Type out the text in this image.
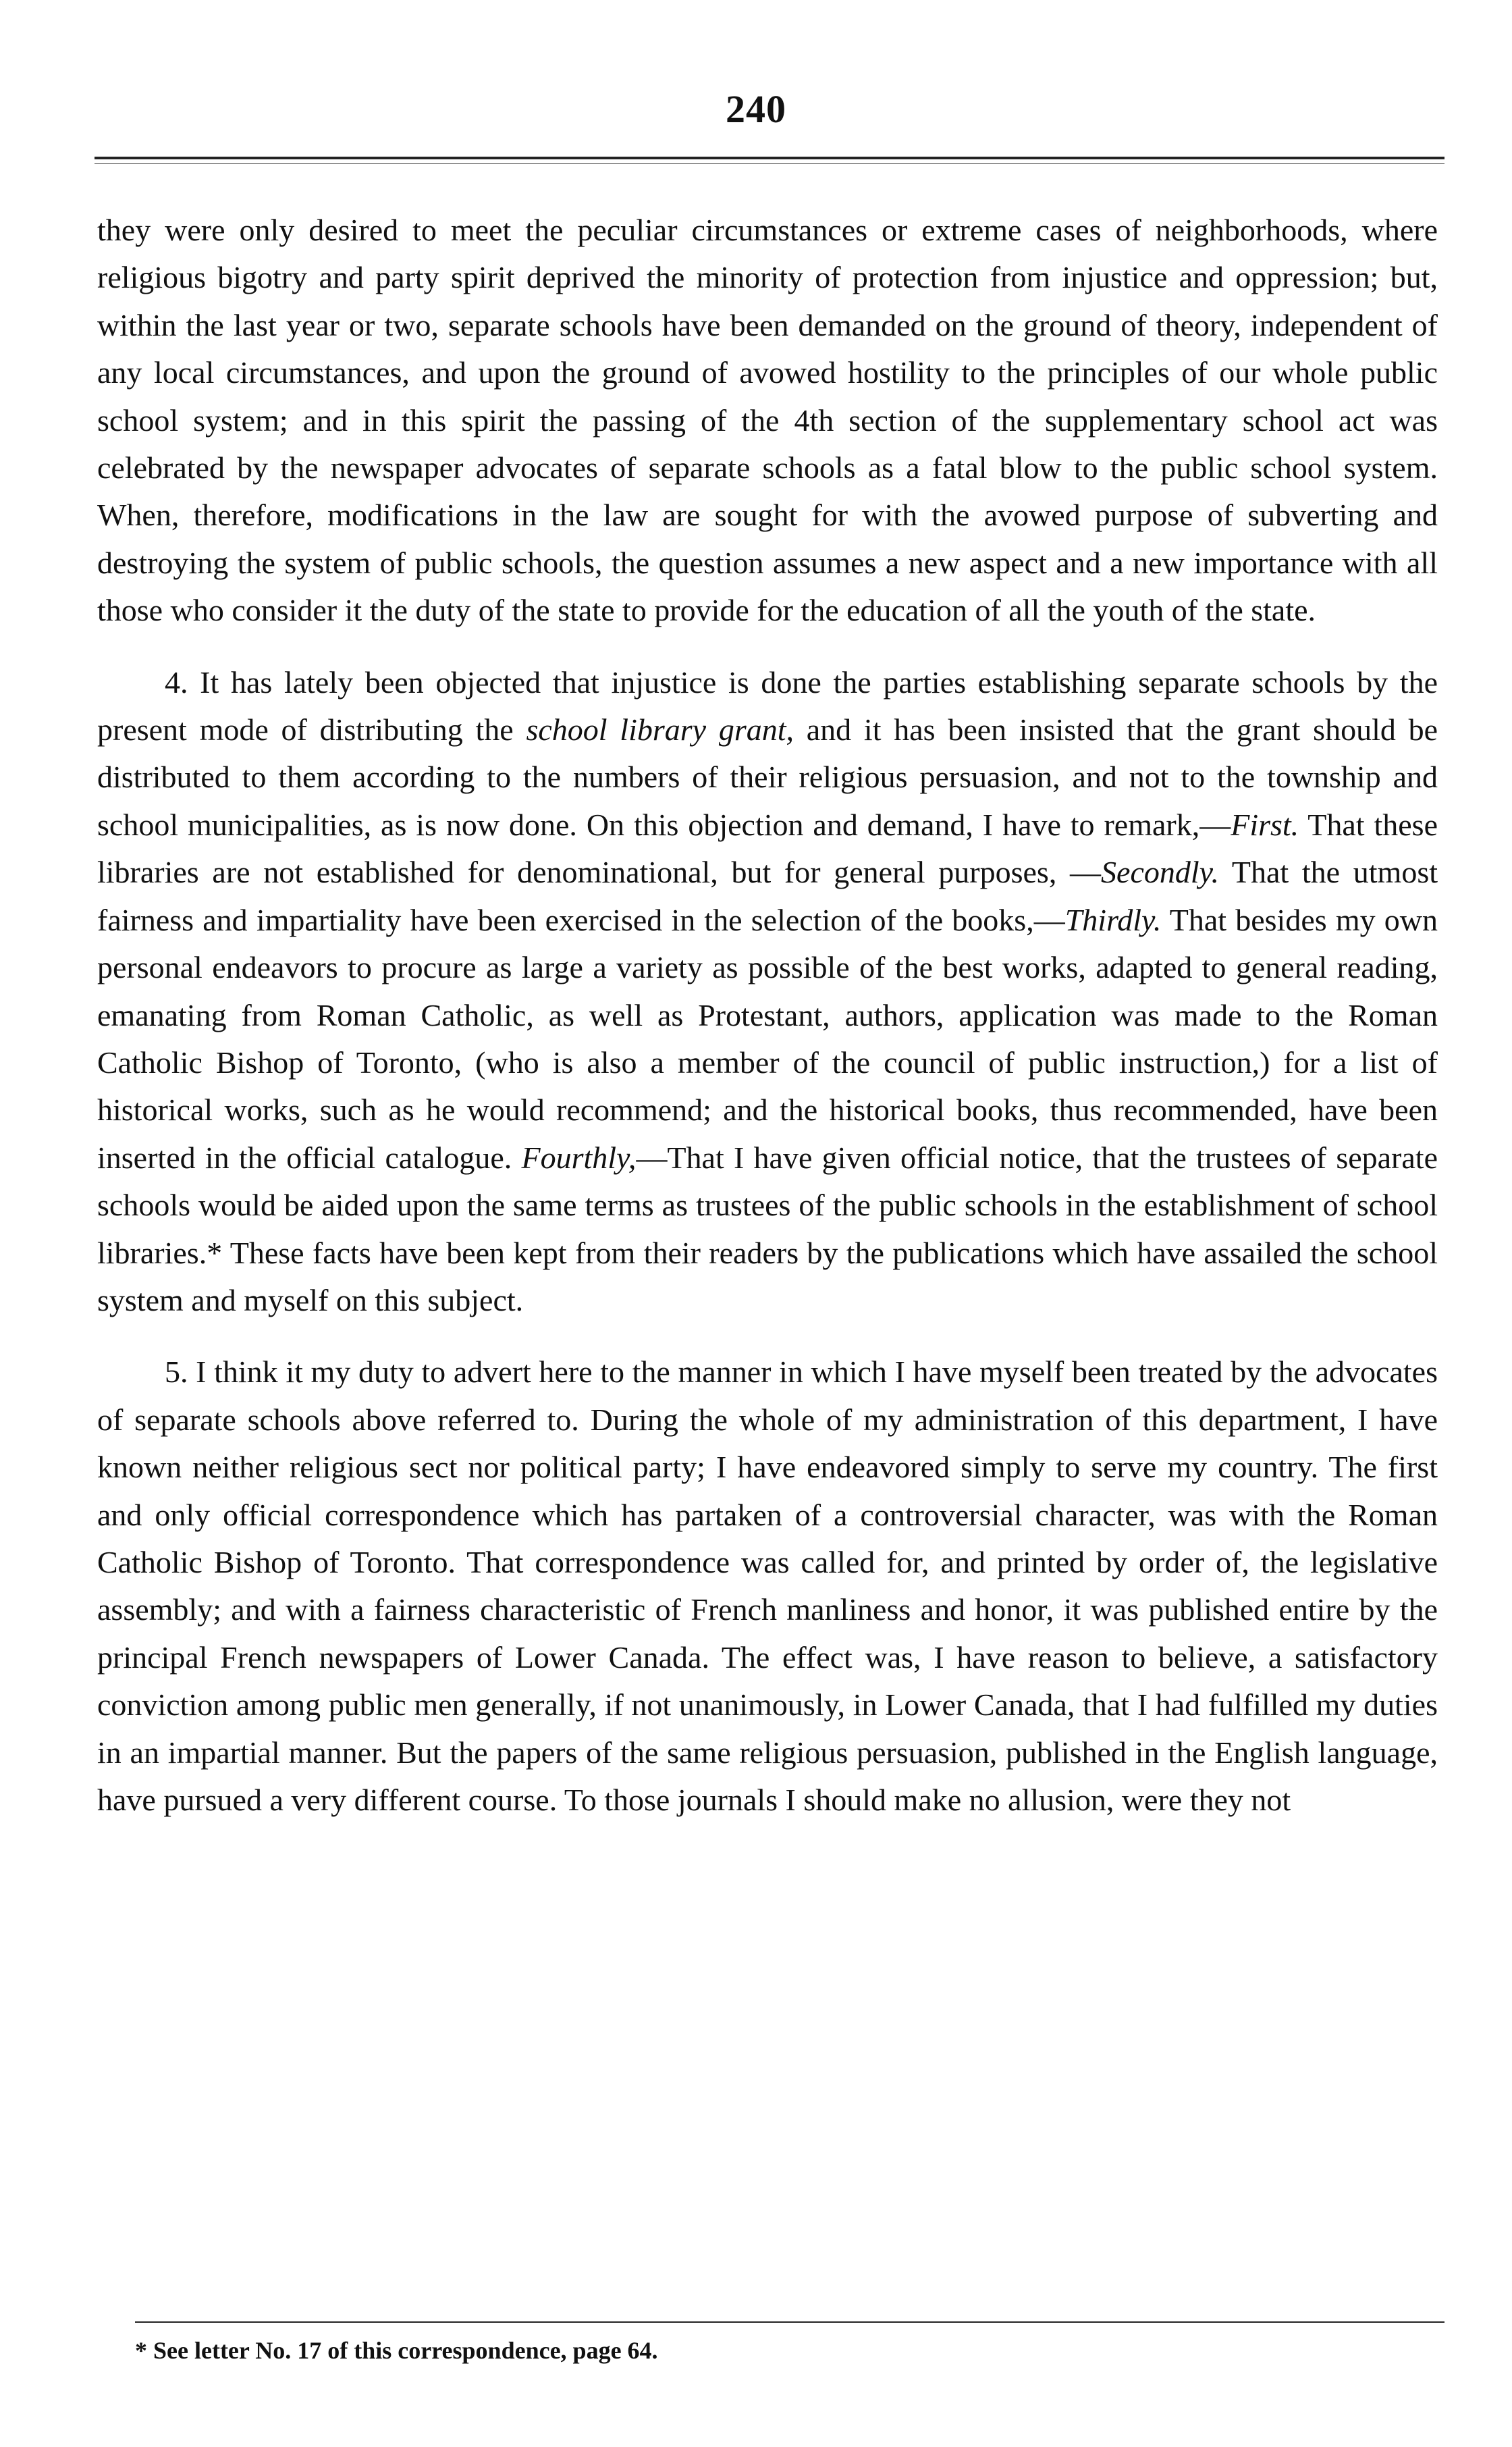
240

they were only desired to meet the peculiar circumstances or extreme cases of neighborhoods, where religious bigotry and party spirit deprived the minority of protection from injustice and oppression; but, within the last year or two, separate schools have been demanded on the ground of theory, independent of any local circumstances, and upon the ground of avowed hostility to the principles of our whole public school system; and in this spirit the passing of the 4th section of the supplementary school act was celebrated by the newspaper advocates of separate schools as a fatal blow to the public school system. When, therefore, modifications in the law are sought for with the avowed purpose of subverting and destroying the system of public schools, the question assumes a new aspect and a new importance with all those who consider it the duty of the state to provide for the education of all the youth of the state.

4. It has lately been objected that injustice is done the parties establishing separate schools by the present mode of distributing the school library grant, and it has been insisted that the grant should be distributed to them according to the numbers of their religious persuasion, and not to the township and school municipalities, as is now done. On this objection and demand, I have to remark,—First. That these libraries are not established for denominational, but for general purposes, —Secondly. That the utmost fairness and impartiality have been exercised in the selection of the books,—Thirdly. That besides my own personal endeavors to procure as large a variety as possible of the best works, adapted to general reading, emanating from Roman Catholic, as well as Protestant, authors, application was made to the Roman Catholic Bishop of Toronto, (who is also a member of the council of public instruction,) for a list of historical works, such as he would recommend; and the historical books, thus recommended, have been inserted in the official catalogue. Fourthly,—That I have given official notice, that the trustees of separate schools would be aided upon the same terms as trustees of the public schools in the establishment of school libraries.* These facts have been kept from their readers by the publications which have assailed the school system and myself on this subject.

5. I think it my duty to advert here to the manner in which I have myself been treated by the advocates of separate schools above referred to. During the whole of my administration of this department, I have known neither religious sect nor political party; I have endeavored simply to serve my country. The first and only official correspondence which has partaken of a controversial character, was with the Roman Catholic Bishop of Toronto. That correspondence was called for, and printed by order of, the legislative assembly; and with a fairness characteristic of French manliness and honor, it was published entire by the principal French newspapers of Lower Canada. The effect was, I have reason to believe, a satisfactory conviction among public men generally, if not unanimously, in Lower Canada, that I had fulfilled my duties in an impartial manner. But the papers of the same religious persuasion, published in the English language, have pursued a very different course. To those journals I should make no allusion, were they not

* See letter No. 17 of this correspondence, page 64.
